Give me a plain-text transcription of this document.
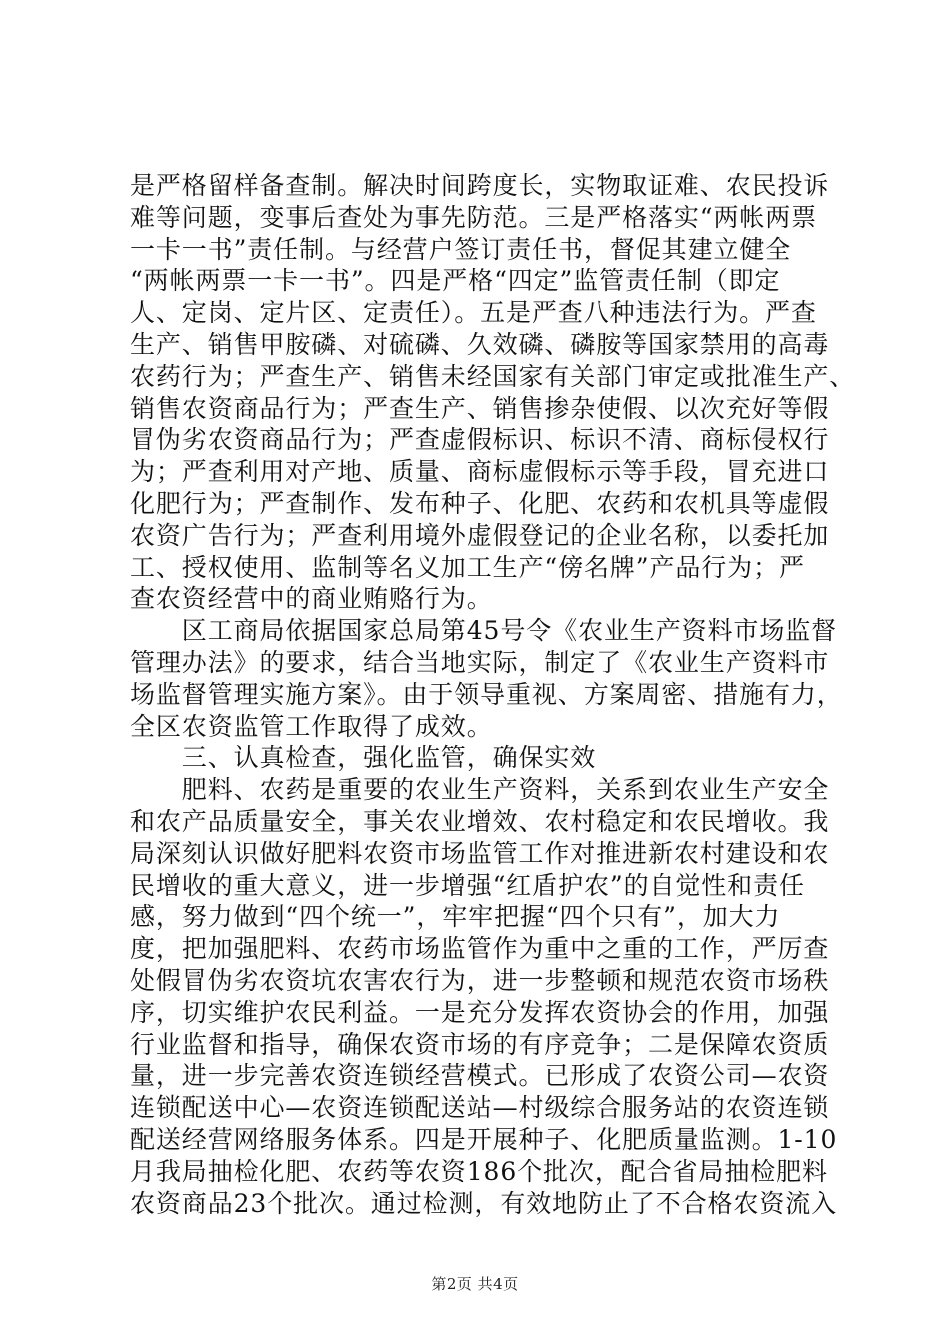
是严格留样备查制。解决时间跨度长，实物取证难、农民投诉
难等问题，变事后查处为事先防范。三是严格落实“两帐两票
一卡一书”责任制。与经营户签订责任书，督促其建立健全
“两帐两票一卡一书”。四是严格“四定”监管责任制（即定
人、定岗、定片区、定责任）。五是严查八种违法行为。严查
生产、销售甲胺磷、对硫磷、久效磷、磷胺等国家禁用的高毒
农药行为；严查生产、销售未经国家有关部门审定或批准生产、
销售农资商品行为；严查生产、销售掺杂使假、以次充好等假
冒伪劣农资商品行为；严查虚假标识、标识不清、商标侵权行
为；严查利用对产地、质量、商标虚假标示等手段，冒充进口
化肥行为；严查制作、发布种子、化肥、农药和农机具等虚假
农资广告行为；严查利用境外虚假登记的企业名称，以委托加
工、授权使用、监制等名义加工生产“傍名牌”产品行为；严
查农资经营中的商业贿赂行为。
　　区工商局依据国家总局第45号令《农业生产资料市场监督
管理办法》的要求，结合当地实际，制定了《农业生产资料市
场监督管理实施方案》。由于领导重视、方案周密、措施有力，
全区农资监管工作取得了成效。
　　三、认真检查，强化监管，确保实效
　　肥料、农药是重要的农业生产资料，关系到农业生产安全
和农产品质量安全，事关农业增效、农村稳定和农民增收。我
局深刻认识做好肥料农资市场监管工作对推进新农村建设和农
民增收的重大意义，进一步增强“红盾护农”的自觉性和责任
感，努力做到“四个统一”，牢牢把握“四个只有”，加大力
度，把加强肥料、农药市场监管作为重中之重的工作，严厉查
处假冒伪劣农资坑农害农行为，进一步整顿和规范农资市场秩
序，切实维护农民利益。一是充分发挥农资协会的作用，加强
行业监督和指导，确保农资市场的有序竞争；二是保障农资质
量，进一步完善农资连锁经营模式。已形成了农资公司—农资
连锁配送中心—农资连锁配送站—村级综合服务站的农资连锁
配送经营网络服务体系。四是开展种子、化肥质量监测。1-10
月我局抽检化肥、农药等农资186个批次，配合省局抽检肥料
农资商品23个批次。通过检测，有效地防止了不合格农资流入
第2页 共4页
